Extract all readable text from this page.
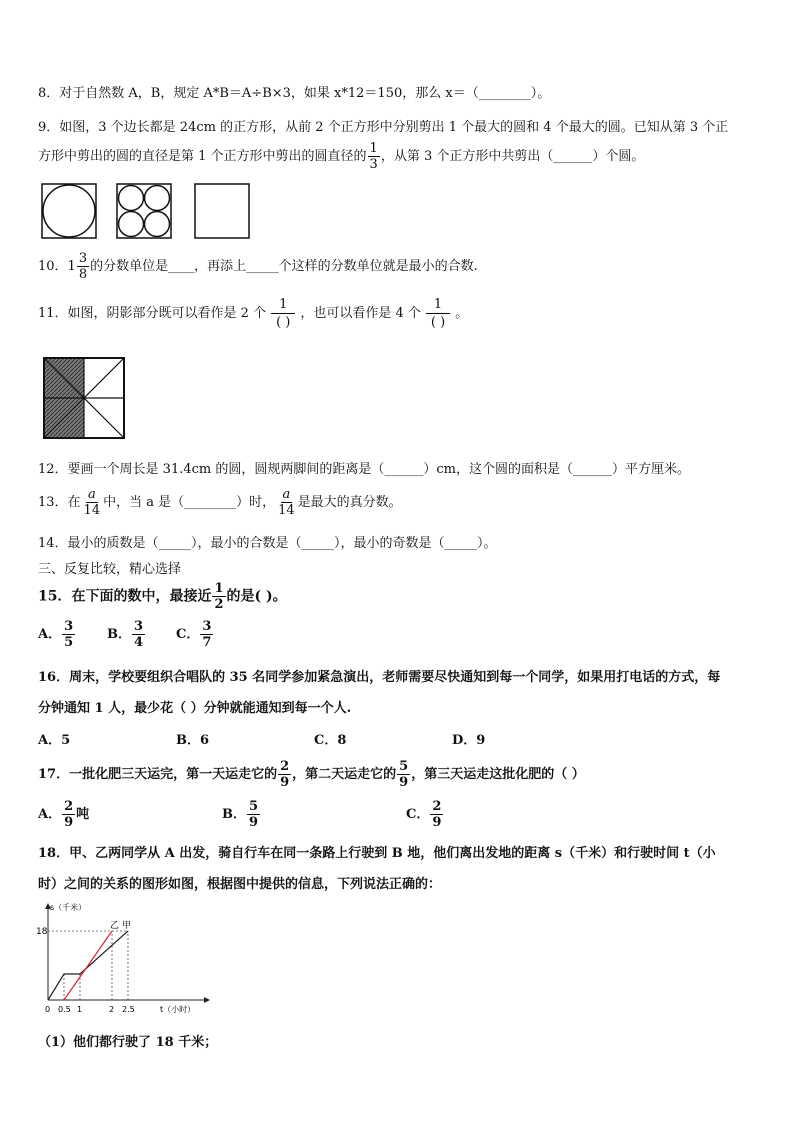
8．对于自然数 A，B，规定 A*B＝A÷B×3，如果 x*12＝150，那么 x＝（________）。
9．如图，3 个边长都是 24cm 的正方形，从前 2 个正方形中分别剪出 1 个最大的圆和 4 个最大的圆。已知从第 3 个正
方形中剪出的圆的直径是第 1 个正方形中剪出的圆直径的 $\frac{1}{3}$ ，从第 3 个正方形中共剪出（______）个圆。
10．$1 \frac{3}{8}$ 的分数单位是____，再添上_____个这样的分数单位就是最小的合数.
11．如图，阴影部分既可以看作是 2 个 $\frac{1}{( )}$ ，也可以看作是 4 个 $\frac{1}{( )}$ 。
12．要画一个周长是 31.4cm 的圆，圆规两脚间的距离是（______）cm，这个圆的面积是（______）平方厘米。
13．在 $\frac{a}{14}$ 中，当 a 是（________）时， $\frac{a}{14}$ 是最大的真分数。
14．最小的质数是（_____），最小的合数是（_____），最小的奇数是（_____）。
三、反复比较，精心选择
15．在下面的数中，最接近 $\frac{1}{2}$ 的是( )。
A． $\frac{3}{5}$ B． $\frac{3}{4}$ C． $\frac{3}{7}$
16．周末，学校要组织合唱队的 35 名同学参加紧急演出，老师需要尽快通知到每一个同学，如果用打电话的方式，每
分钟通知 1 人，最少花（ ）分钟就能通知到每一个人.
A．5	B．6	C．8	D．9
17．一批化肥三天运完，第一天运走它的 $\frac{2}{9}$ ，第二天运走它的 $\frac{5}{9}$ ，第三天运走这批化肥的（ ）
A． $\frac{2}{9}$ 吨	B． $\frac{5}{9}$	C． $\frac{2}{9}$
18．甲、乙两同学从 A 出发，骑自行车在同一条路上行驶到 B 地，他们离出发地的距离 s（千米）和行驶时间 t（小
时）之间的关系的图形如图，根据图中提供的信息，下列说法正确的：
s（千米）
18
乙 甲
0 0.5 1	2 2.5	t（小时）
（1）他们都行驶了 18 千米；
